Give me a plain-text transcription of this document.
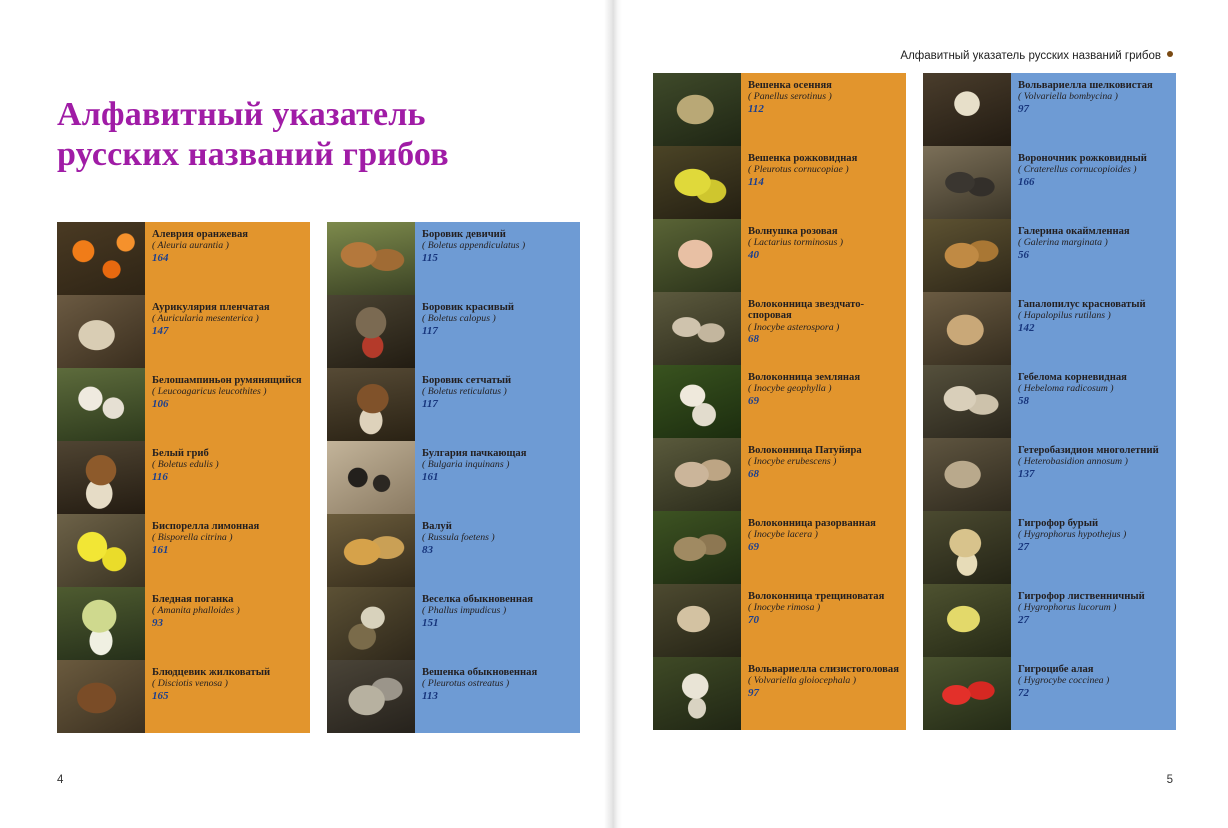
Алфавитный указатель
русских названий грибов
Алеврия оранжевая
( Aleuria aurantia )
164
Аурикулярия пленчатая
( Auricularia mesenterica )
147
Белошампиньон румянящийся
( Leucoagaricus leucothites )
106
Белый гриб
( Boletus edulis )
116
Биспорелла лимонная
( Bisporella citrina )
161
Бледная поганка
( Amanita phalloides )
93
Блюдцевик жилковатый
( Disciotis venosa )
165
Боровик девичий
( Boletus appendiculatus )
115
Боровик красивый
( Boletus calopus )
117
Боровик сетчатый
( Boletus reticulatus )
117
Булгария пачкающая
( Bulgaria inquinans )
161
Валуй
( Russula foetens )
83
Веселка обыкновенная
( Phallus impudicus )
151
Вешенка обыкновенная
( Pleurotus ostreatus )
113
4
Алфавитный указатель русских названий грибов
Вешенка осенняя
( Panellus serotinus )
112
Вешенка рожковидная
( Pleurotus cornucopiae )
114
Волнушка розовая
( Lactarius torminosus )
40
Волоконница звездчато-споровая
( Inocybe asterospora )
68
Волоконница земляная
( Inocybe geophylla )
69
Волоконница Патуйяра
( Inocybe erubescens )
68
Волоконница разорванная
( Inocybe lacera )
69
Волоконница трещиноватая
( Inocybe rimosa )
70
Вольвариелла слизистоголовая
( Volvariella gloiocephala )
97
Вольвариелла шелковистая
( Volvariella bombycina )
97
Вороночник рожковидный
( Craterellus cornucopioides )
166
Галерина окаймленная
( Galerina marginata )
56
Гапалопилус красноватый
( Hapalopilus rutilans )
142
Гебелома корневидная
( Hebeloma radicosum )
58
Гетеробазидион многолетний
( Heterobasidion annosum )
137
Гигрофор бурый
( Hygrophorus hypothejus )
27
Гигрофор лиственничный
( Hygrophorus lucorum )
27
Гигроцибе алая
( Hygrocybe coccinea )
72
5
